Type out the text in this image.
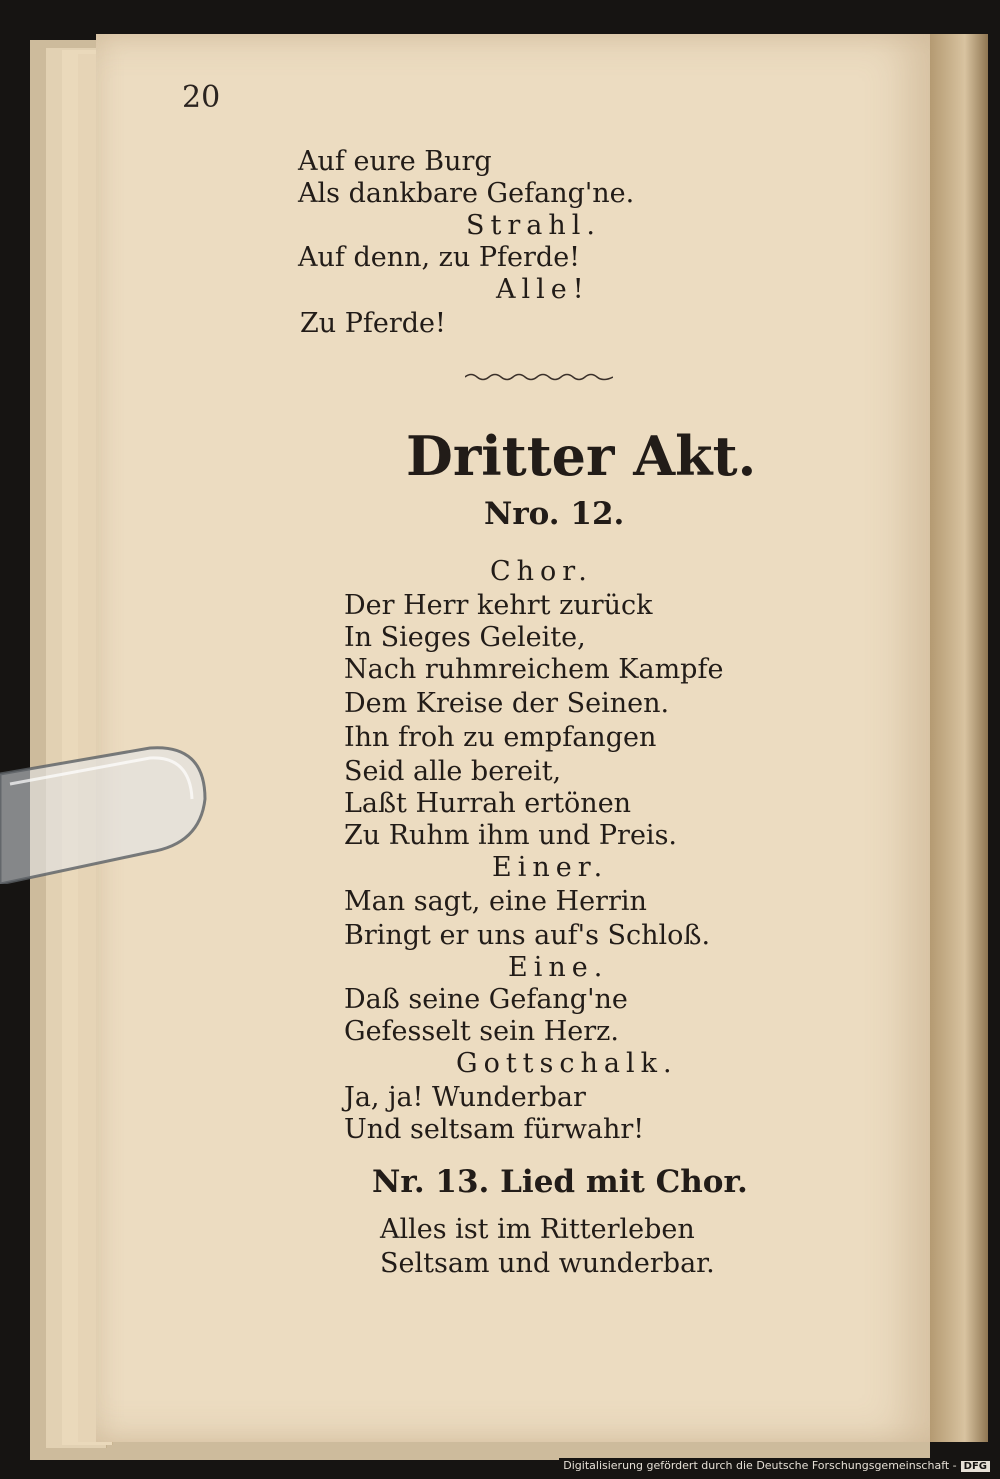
20
Auf eure Burg
Als dankbare Gefang'ne.
Strahl.
Auf denn, zu Pferde!
Alle!
Zu Pferde!
Dritter Akt.
Nro. 12.
Chor.
Der Herr kehrt zurück
In Sieges Geleite,
Nach ruhmreichem Kampfe
Dem Kreise der Seinen.
Ihn froh zu empfangen
Seid alle bereit,
Laßt Hurrah ertönen
Zu Ruhm ihm und Preis.
Einer.
Man sagt, eine Herrin
Bringt er uns auf's Schloß.
Eine.
Daß seine Gefang'ne
Gefesselt sein Herz.
Gottschalk.
Ja, ja! Wunderbar
Und seltsam fürwahr!
Nr. 13. Lied mit Chor.
Alles ist im Ritterleben
Seltsam und wunderbar.
Digitalisierung gefördert durch die Deutsche Forschungsgemeinschaft - DFG
